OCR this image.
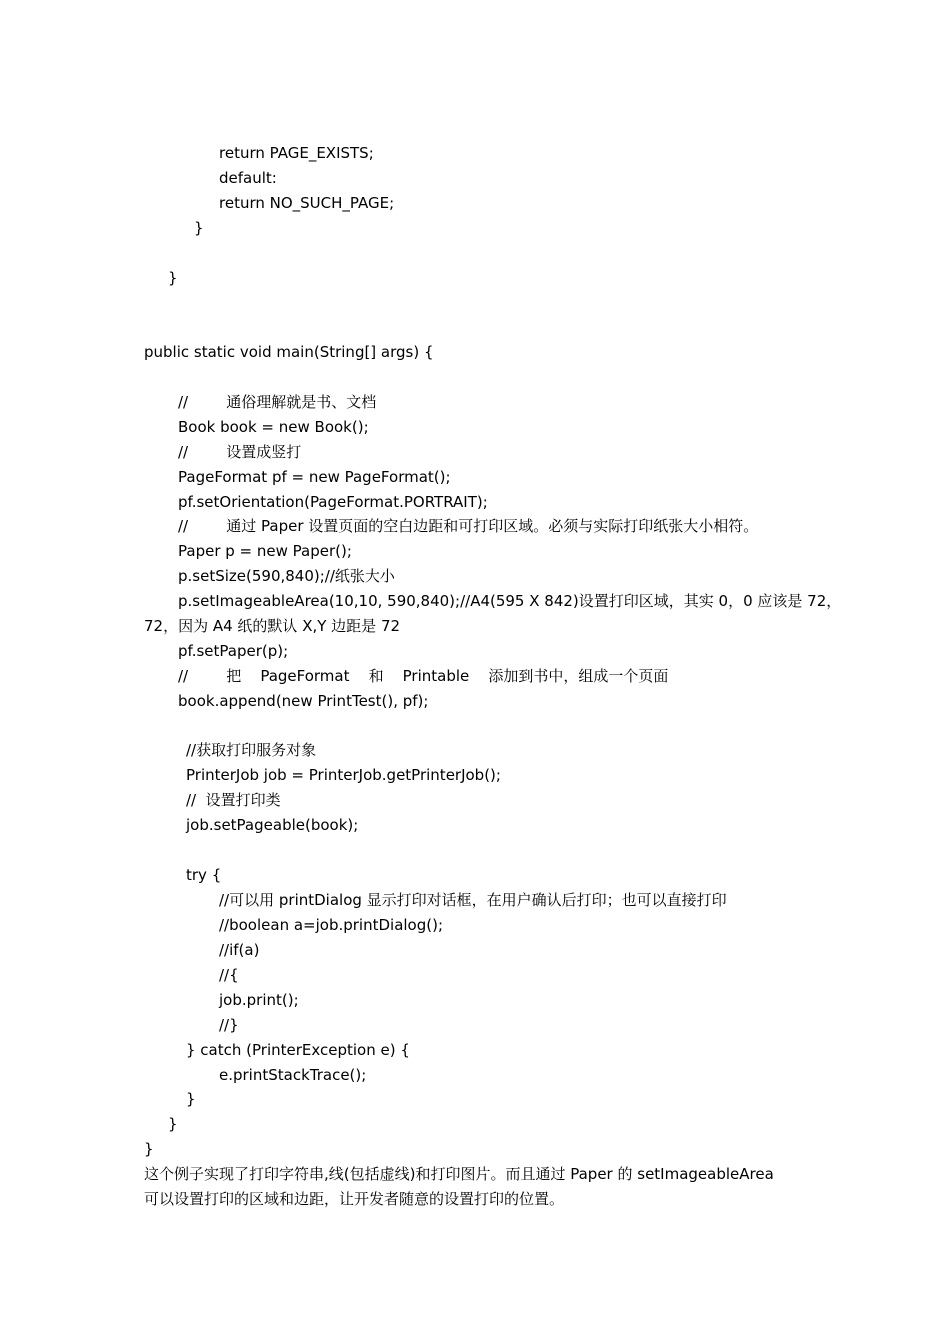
return PAGE_EXISTS;
default:
return NO_SUCH_PAGE;
}
}
public static void main(String[] args) {
//        通俗理解就是书、文档
Book book = new Book();
//        设置成竖打
PageFormat pf = new PageFormat();
pf.setOrientation(PageFormat.PORTRAIT);
//        通过 Paper 设置页面的空白边距和可打印区域。必须与实际打印纸张大小相符。
Paper p = new Paper();
p.setSize(590,840);//纸张大小
p.setImageableArea(10,10, 590,840);//A4(595 X 842)设置打印区域，其实 0，0 应该是 72，
72，因为 A4 纸的默认 X,Y 边距是 72
pf.setPaper(p);
//        把    PageFormat    和    Printable    添加到书中，组成一个页面
book.append(new PrintTest(), pf);
//获取打印服务对象
PrinterJob job = PrinterJob.getPrinterJob();
//  设置打印类
job.setPageable(book);
try {
//可以用 printDialog 显示打印对话框，在用户确认后打印；也可以直接打印
//boolean a=job.printDialog();
//if(a)
//{
job.print();
//}
} catch (PrinterException e) {
e.printStackTrace();
}
}
}
这个例子实现了打印字符串,线(包括虚线)和打印图片。而且通过 Paper 的 setImageableArea
可以设置打印的区域和边距，让开发者随意的设置打印的位置。
